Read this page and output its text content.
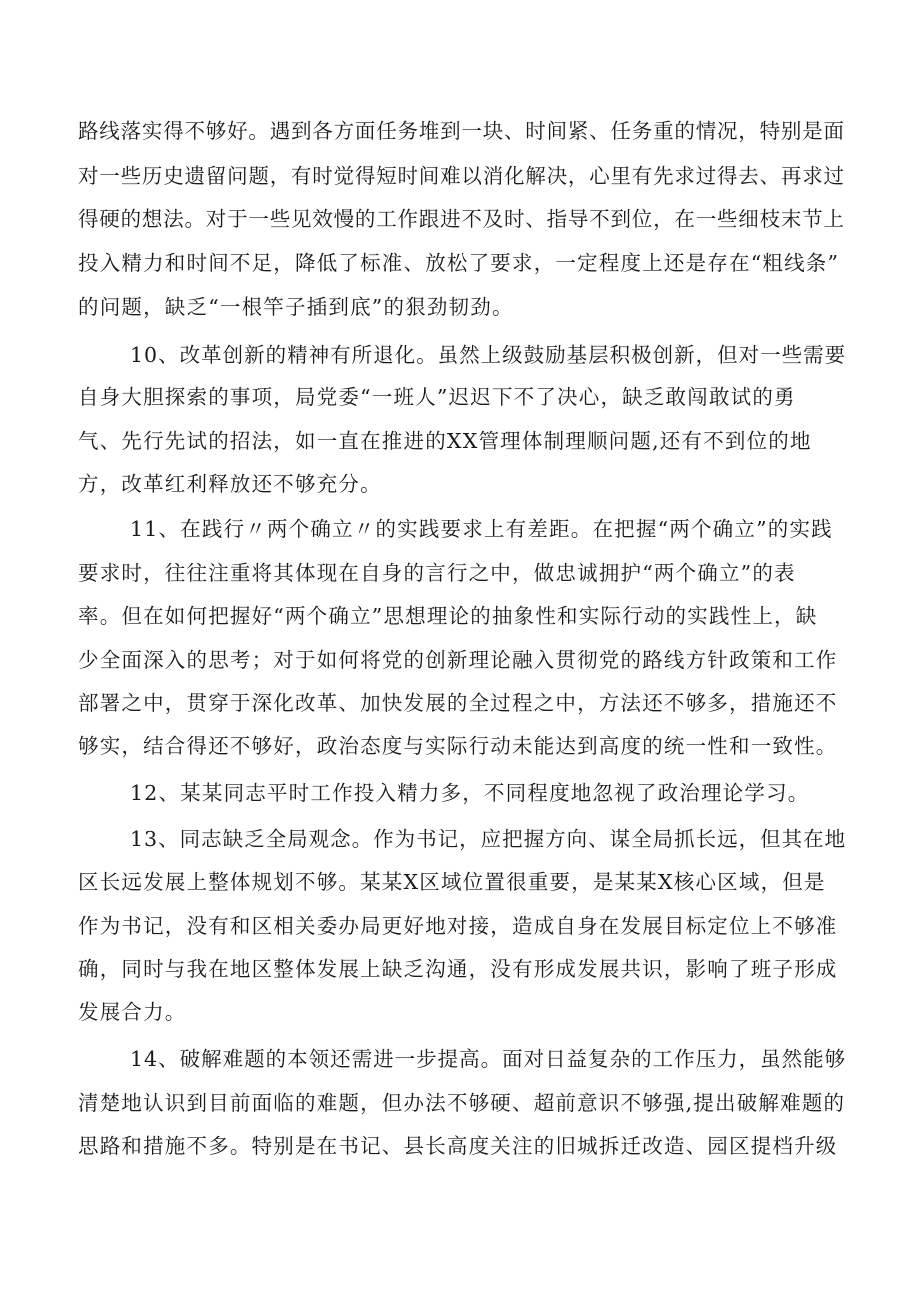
路线落实得不够好。遇到各方面任务堆到一块、时间紧、任务重的情况，特别是面
对一些历史遗留问题，有时觉得短时间难以消化解决，心里有先求过得去、再求过
得硬的想法。对于一些见效慢的工作跟进不及时、指导不到位，在一些细枝末节上
投入精力和时间不足，降低了标准、放松了要求，一定程度上还是存在“粗线条”
的问题，缺乏“一根竿子插到底”的狠劲韧劲。
10、改革创新的精神有所退化。虽然上级鼓励基层积极创新，但对一些需要
自身大胆探索的事项，局党委“一班人”迟迟下不了决心，缺乏敢闯敢试的勇
气、先行先试的招法，如一直在推进的XX管理体制理顺问题,还有不到位的地
方，改革红利释放还不够充分。
11、在践行〃两个确立〃的实践要求上有差距。在把握“两个确立”的实践
要求时，往往注重将其体现在自身的言行之中，做忠诚拥护“两个确立”的表
率。但在如何把握好“两个确立”思想理论的抽象性和实际行动的实践性上，缺
少全面深入的思考；对于如何将党的创新理论融入贯彻党的路线方针政策和工作
部署之中，贯穿于深化改革、加快发展的全过程之中，方法还不够多，措施还不
够实，结合得还不够好，政治态度与实际行动未能达到高度的统一性和一致性。
12、某某同志平时工作投入精力多，不同程度地忽视了政治理论学习。
13、同志缺乏全局观念。作为书记，应把握方向、谋全局抓长远，但其在地
区长远发展上整体规划不够。某某X区域位置很重要，是某某X核心区域，但是
作为书记，没有和区相关委办局更好地对接，造成自身在发展目标定位上不够准
确，同时与我在地区整体发展上缺乏沟通，没有形成发展共识，影响了班子形成
发展合力。
14、破解难题的本领还需进一步提高。面对日益复杂的工作压力，虽然能够
清楚地认识到目前面临的难题，但办法不够硬、超前意识不够强,提出破解难题的
思路和措施不多。特别是在书记、县长高度关注的旧城拆迁改造、园区提档升级
